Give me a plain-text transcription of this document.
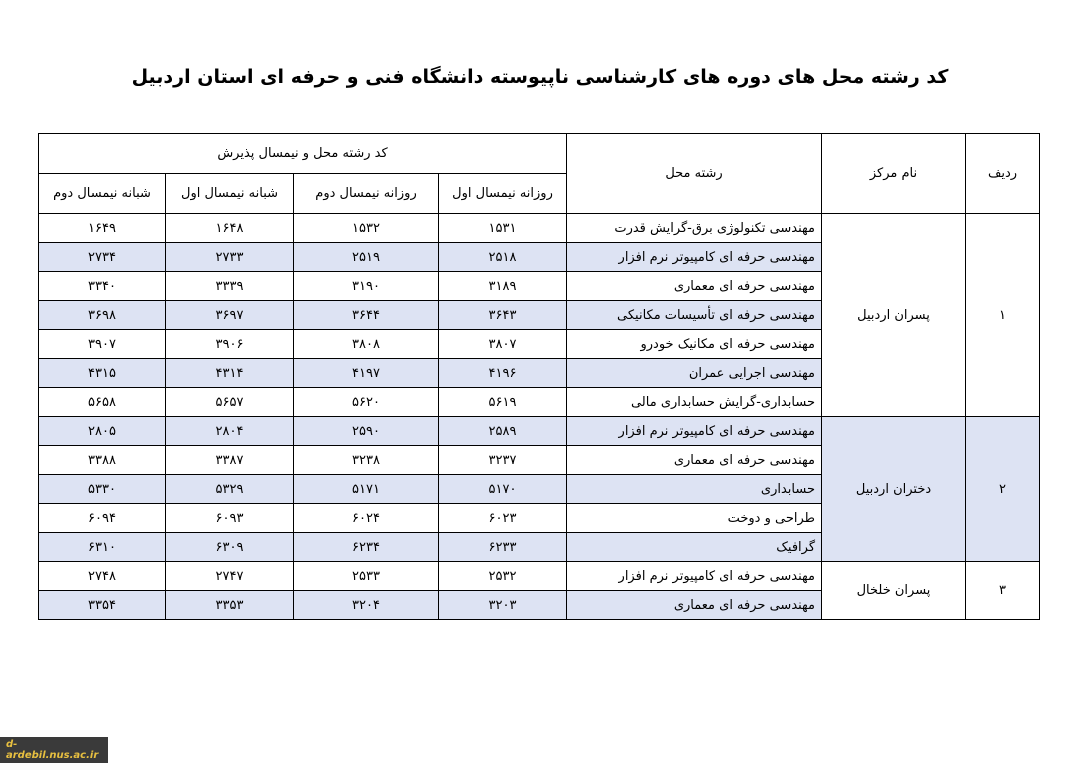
کد رشته محل های دوره های کارشناسی ناپیوسته دانشگاه فنی و حرفه ای استان اردبیل
ردیف	نام مرکز	رشته محل	کد رشته محل و نیمسال پذیرش			
			روزانه نیمسال اول	روزانه نیمسال دوم	شبانه نیمسال اول	شبانه نیمسال دوم
۱	پسران اردبیل	مهندسی تکنولوژی برق-گرایش قدرت	۱۵۳۱	۱۵۳۲	۱۶۴۸	۱۶۴۹
		مهندسی حرفه ای کامپیوتر نرم افزار	۲۵۱۸	۲۵۱۹	۲۷۳۳	۲۷۳۴
		مهندسی حرفه ای معماری	۳۱۸۹	۳۱۹۰	۳۳۳۹	۳۳۴۰
		مهندسی حرفه ای تأسیسات مکانیکی	۳۶۴۳	۳۶۴۴	۳۶۹۷	۳۶۹۸
		مهندسی حرفه ای مکانیک خودرو	۳۸۰۷	۳۸۰۸	۳۹۰۶	۳۹۰۷
		مهندسی اجرایی عمران	۴۱۹۶	۴۱۹۷	۴۳۱۴	۴۳۱۵
		حسابداری-گرایش حسابداری مالی	۵۶۱۹	۵۶۲۰	۵۶۵۷	۵۶۵۸
۲	دختران اردبیل	مهندسی حرفه ای کامپیوتر نرم افزار	۲۵۸۹	۲۵۹۰	۲۸۰۴	۲۸۰۵
		مهندسی حرفه ای معماری	۳۲۳۷	۳۲۳۸	۳۳۸۷	۳۳۸۸
		حسابداری	۵۱۷۰	۵۱۷۱	۵۳۲۹	۵۳۳۰
		طراحی و دوخت	۶۰۲۳	۶۰۲۴	۶۰۹۳	۶۰۹۴
		گرافیک	۶۲۳۳	۶۲۳۴	۶۳۰۹	۶۳۱۰
۳	پسران خلخال	مهندسی حرفه ای کامپیوتر نرم افزار	۲۵۳۲	۲۵۳۳	۲۷۴۷	۲۷۴۸
		مهندسی حرفه ای معماری	۳۲۰۳	۳۲۰۴	۳۳۵۳	۳۳۵۴
d-ardebil.nus.ac.ir
